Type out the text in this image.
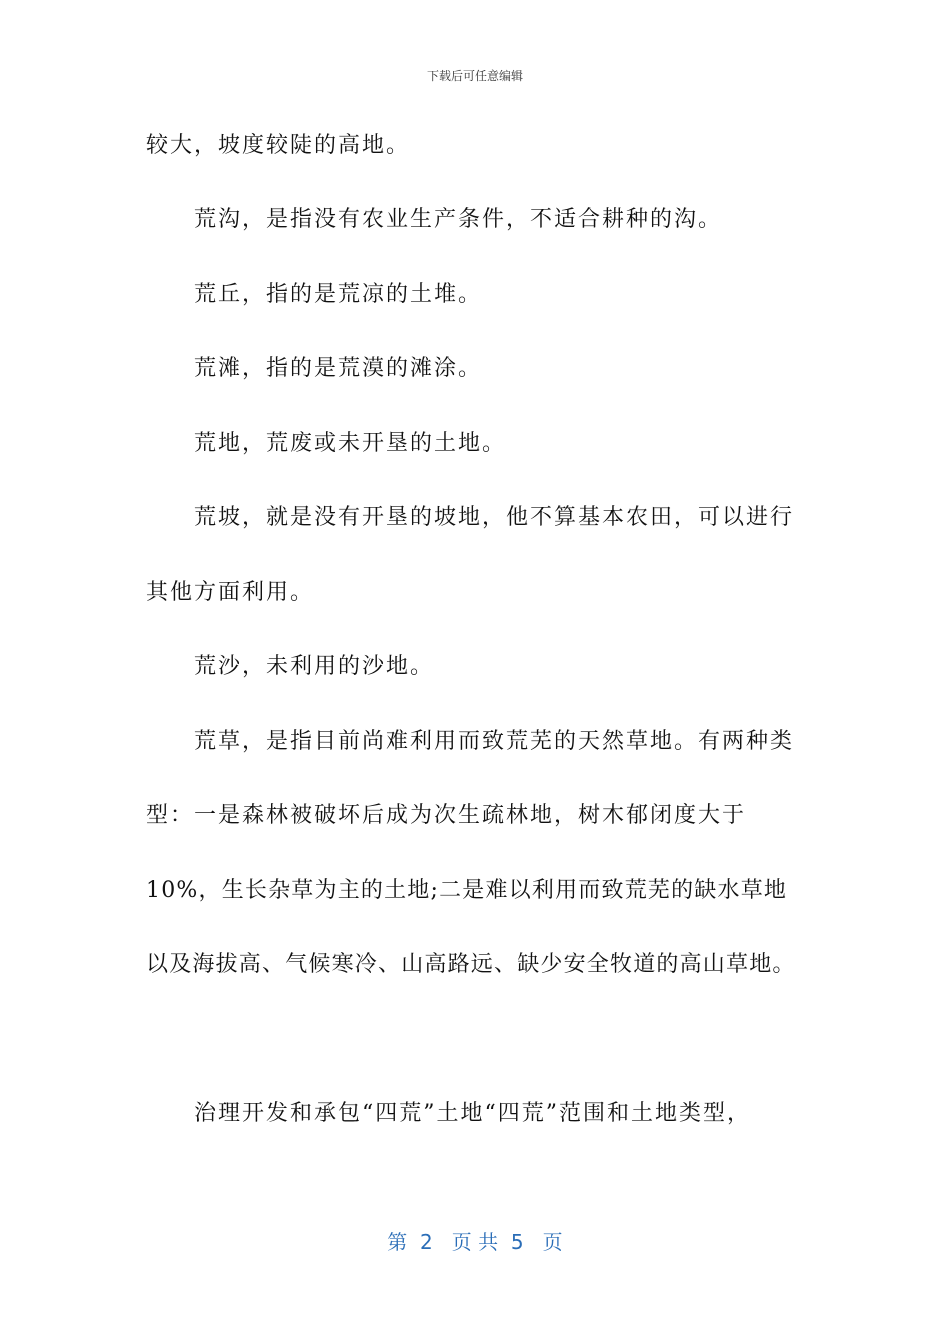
下载后可任意编辑
较大，坡度较陡的高地。
荒沟，是指没有农业生产条件，不适合耕种的沟。
荒丘，指的是荒凉的土堆。
荒滩，指的是荒漠的滩涂。
荒地，荒废或未开垦的土地。
荒坡，就是没有开垦的坡地，他不算基本农田，可以进行
其他方面利用。
荒沙，未利用的沙地。
荒草，是指目前尚难利用而致荒芜的天然草地。有两种类
型：一是森林被破坏后成为次生疏林地，树木郁闭度大于
10%，生长杂草为主的土地;二是难以利用而致荒芜的缺水草地
以及海拔高、气候寒冷、山高路远、缺少安全牧道的高山草地。
治理开发和承包“四荒”土地“四荒”范围和土地类型，
第  2   页 共  5   页
